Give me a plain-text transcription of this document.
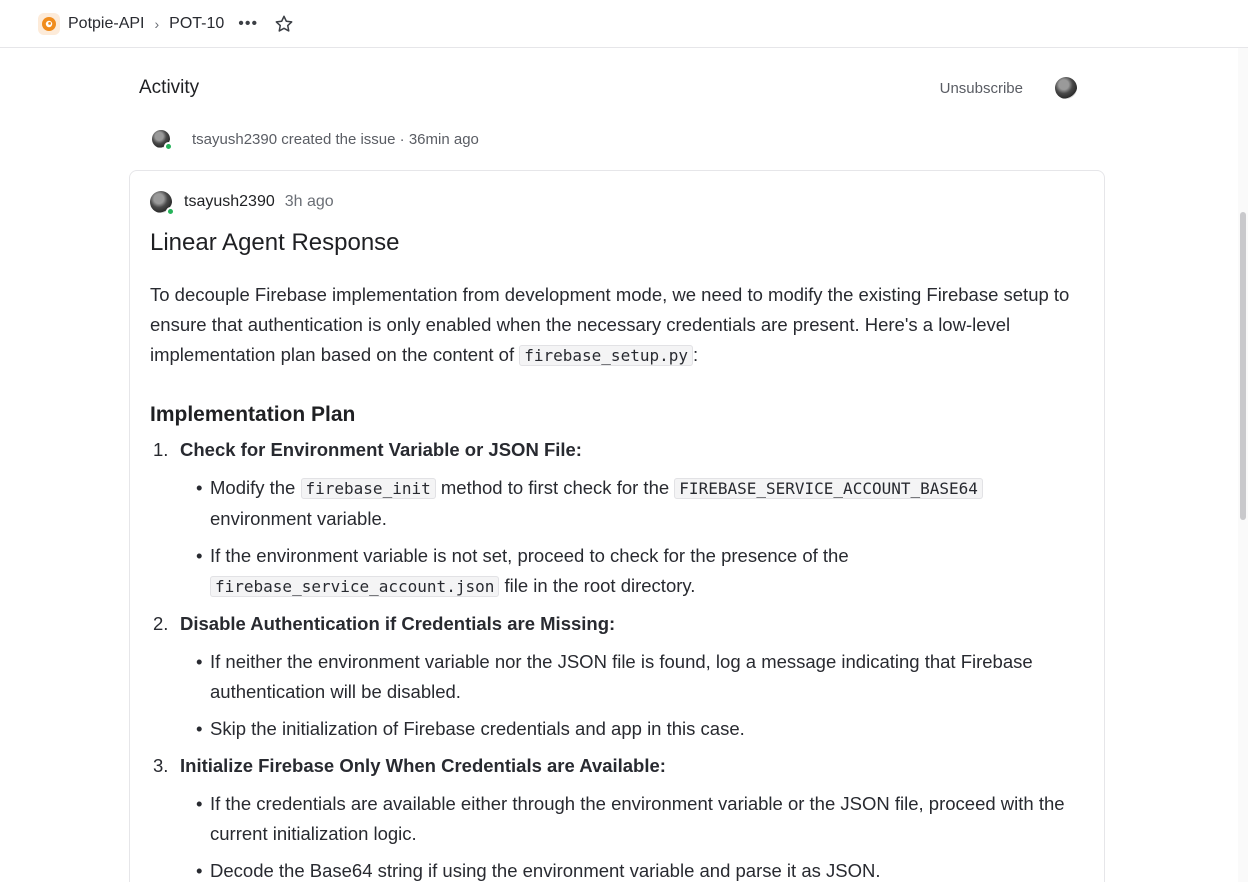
Potpie-API › POT-10 •••
Activity	Unsubscribe
tsayush2390
created the issue
·
36min ago
tsayush2390 3h ago
Linear Agent Response

To decouple Firebase implementation from development mode, we need to modify the existing Firebase setup to ensure that authentication is only enabled when the necessary credentials are present. Here's a low-level implementation plan based on the content of firebase_setup.py :

Implementation Plan
1. Check for Environment Variable or JSON File:
• Modify the firebase_init method to first check for the FIREBASE_SERVICE_ACCOUNT_BASE64 environment variable.
• If the environment variable is not set, proceed to check for the presence of the firebase_service_account.json file in the root directory.
2. Disable Authentication if Credentials are Missing:
• If neither the environment variable nor the JSON file is found, log a message indicating that Firebase authentication will be disabled.
• Skip the initialization of Firebase credentials and app in this case.
3. Initialize Firebase Only When Credentials are Available:
• If the credentials are available either through the environment variable or the JSON file, proceed with the current initialization logic.
• Decode the Base64 string if using the environment variable and parse it as JSON.
